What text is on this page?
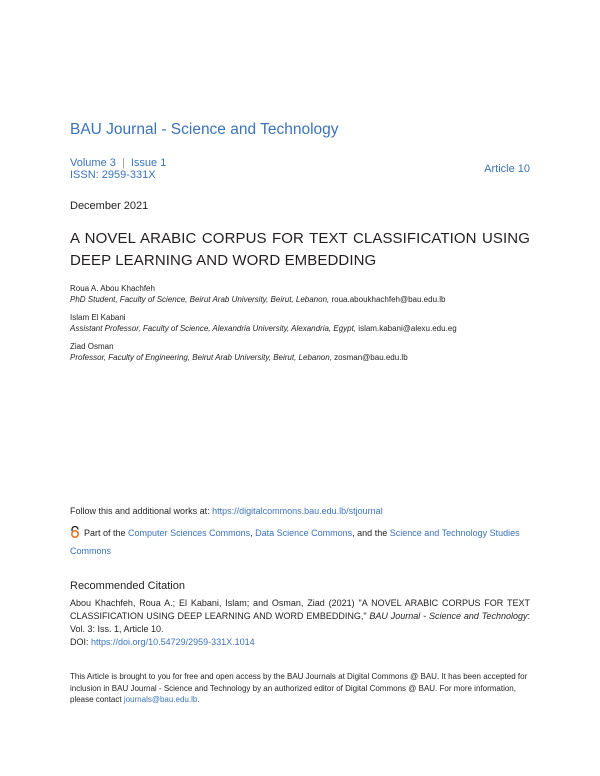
BAU Journal - Science and Technology
Volume 3 | Issue 1
ISSN: 2959-331X	Article 10
December 2021
A NOVEL ARABIC CORPUS FOR TEXT CLASSIFICATION USING DEEP LEARNING AND WORD EMBEDDING
Roua A. Abou Khachfeh
PhD Student, Faculty of Science, Beirut Arab University, Beirut, Lebanon, roua.aboukhachfeh@bau.edu.lb
Islam El Kabani
Assistant Professor, Faculty of Science, Alexandria University, Alexandria, Egypt, islam.kabani@alexu.edu.eg
Ziad Osman
Professor, Faculty of Engineering, Beirut Arab University, Beirut, Lebanon, zosman@bau.edu.lb
Follow this and additional works at: https://digitalcommons.bau.edu.lb/stjournal
Part of the Computer Sciences Commons, Data Science Commons, and the Science and Technology Studies Commons
Recommended Citation
Abou Khachfeh, Roua A.; El Kabani, Islam; and Osman, Ziad (2021) "A NOVEL ARABIC CORPUS FOR TEXT CLASSIFICATION USING DEEP LEARNING AND WORD EMBEDDING," BAU Journal - Science and Technology: Vol. 3: Iss. 1, Article 10.
DOI: https://doi.org/10.54729/2959-331X.1014
This Article is brought to you for free and open access by the BAU Journals at Digital Commons @ BAU. It has been accepted for inclusion in BAU Journal - Science and Technology by an authorized editor of Digital Commons @ BAU. For more information, please contact journals@bau.edu.lb.
